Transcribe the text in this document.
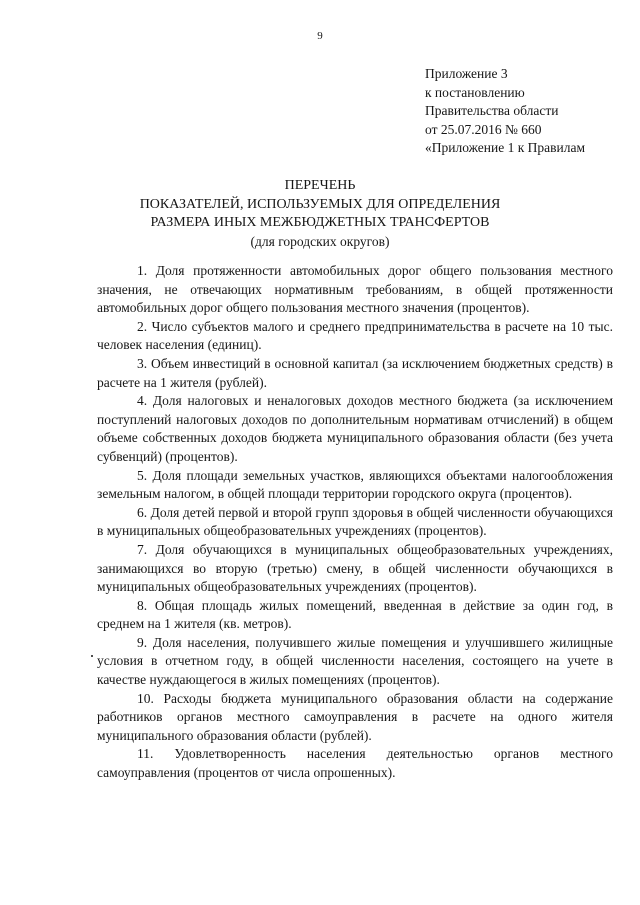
9
Приложение 3
к постановлению
Правительства области
от 25.07.2016 № 660
«Приложение 1 к Правилам
ПЕРЕЧЕНЬ
ПОКАЗАТЕЛЕЙ, ИСПОЛЬЗУЕМЫХ ДЛЯ ОПРЕДЕЛЕНИЯ
РАЗМЕРА ИНЫХ МЕЖБЮДЖЕТНЫХ ТРАНСФЕРТОВ
(для городских округов)

1. Доля протяженности автомобильных дорог общего пользования местного значения, не отвечающих нормативным требованиям, в общей протяженности автомобильных дорог общего пользования местного значения (процентов).

2. Число субъектов малого и среднего предпринимательства в расчете на 10 тыс. человек населения (единиц).

3. Объем инвестиций в основной капитал (за исключением бюджетных средств) в расчете на 1 жителя (рублей).

4. Доля налоговых и неналоговых доходов местного бюджета (за исключением поступлений налоговых доходов по дополнительным нормативам отчислений) в общем объеме собственных доходов бюджета муниципального образования области (без учета субвенций) (процентов).

5. Доля площади земельных участков, являющихся объектами налогообложения земельным налогом, в общей площади территории городского округа (процентов).

6. Доля детей первой и второй групп здоровья в общей численности обучающихся в муниципальных общеобразовательных учреждениях (процентов).

7. Доля обучающихся в муниципальных общеобразовательных учреждениях, занимающихся во вторую (третью) смену, в общей численности обучающихся в муниципальных общеобразовательных учреждениях (процентов).

8. Общая площадь жилых помещений, введенная в действие за один год, в среднем на 1 жителя (кв. метров).

9. Доля населения, получившего жилые помещения и улучшившего жилищные условия в отчетном году, в общей численности населения, состоящего на учете в качестве нуждающегося в жилых помещениях (процентов).

10. Расходы бюджета муниципального образования области на содержание работников органов местного самоуправления в расчете на одного жителя муниципального образования области (рублей).

11. Удовлетворенность населения деятельностью органов местного самоуправления (процентов от числа опрошенных).
